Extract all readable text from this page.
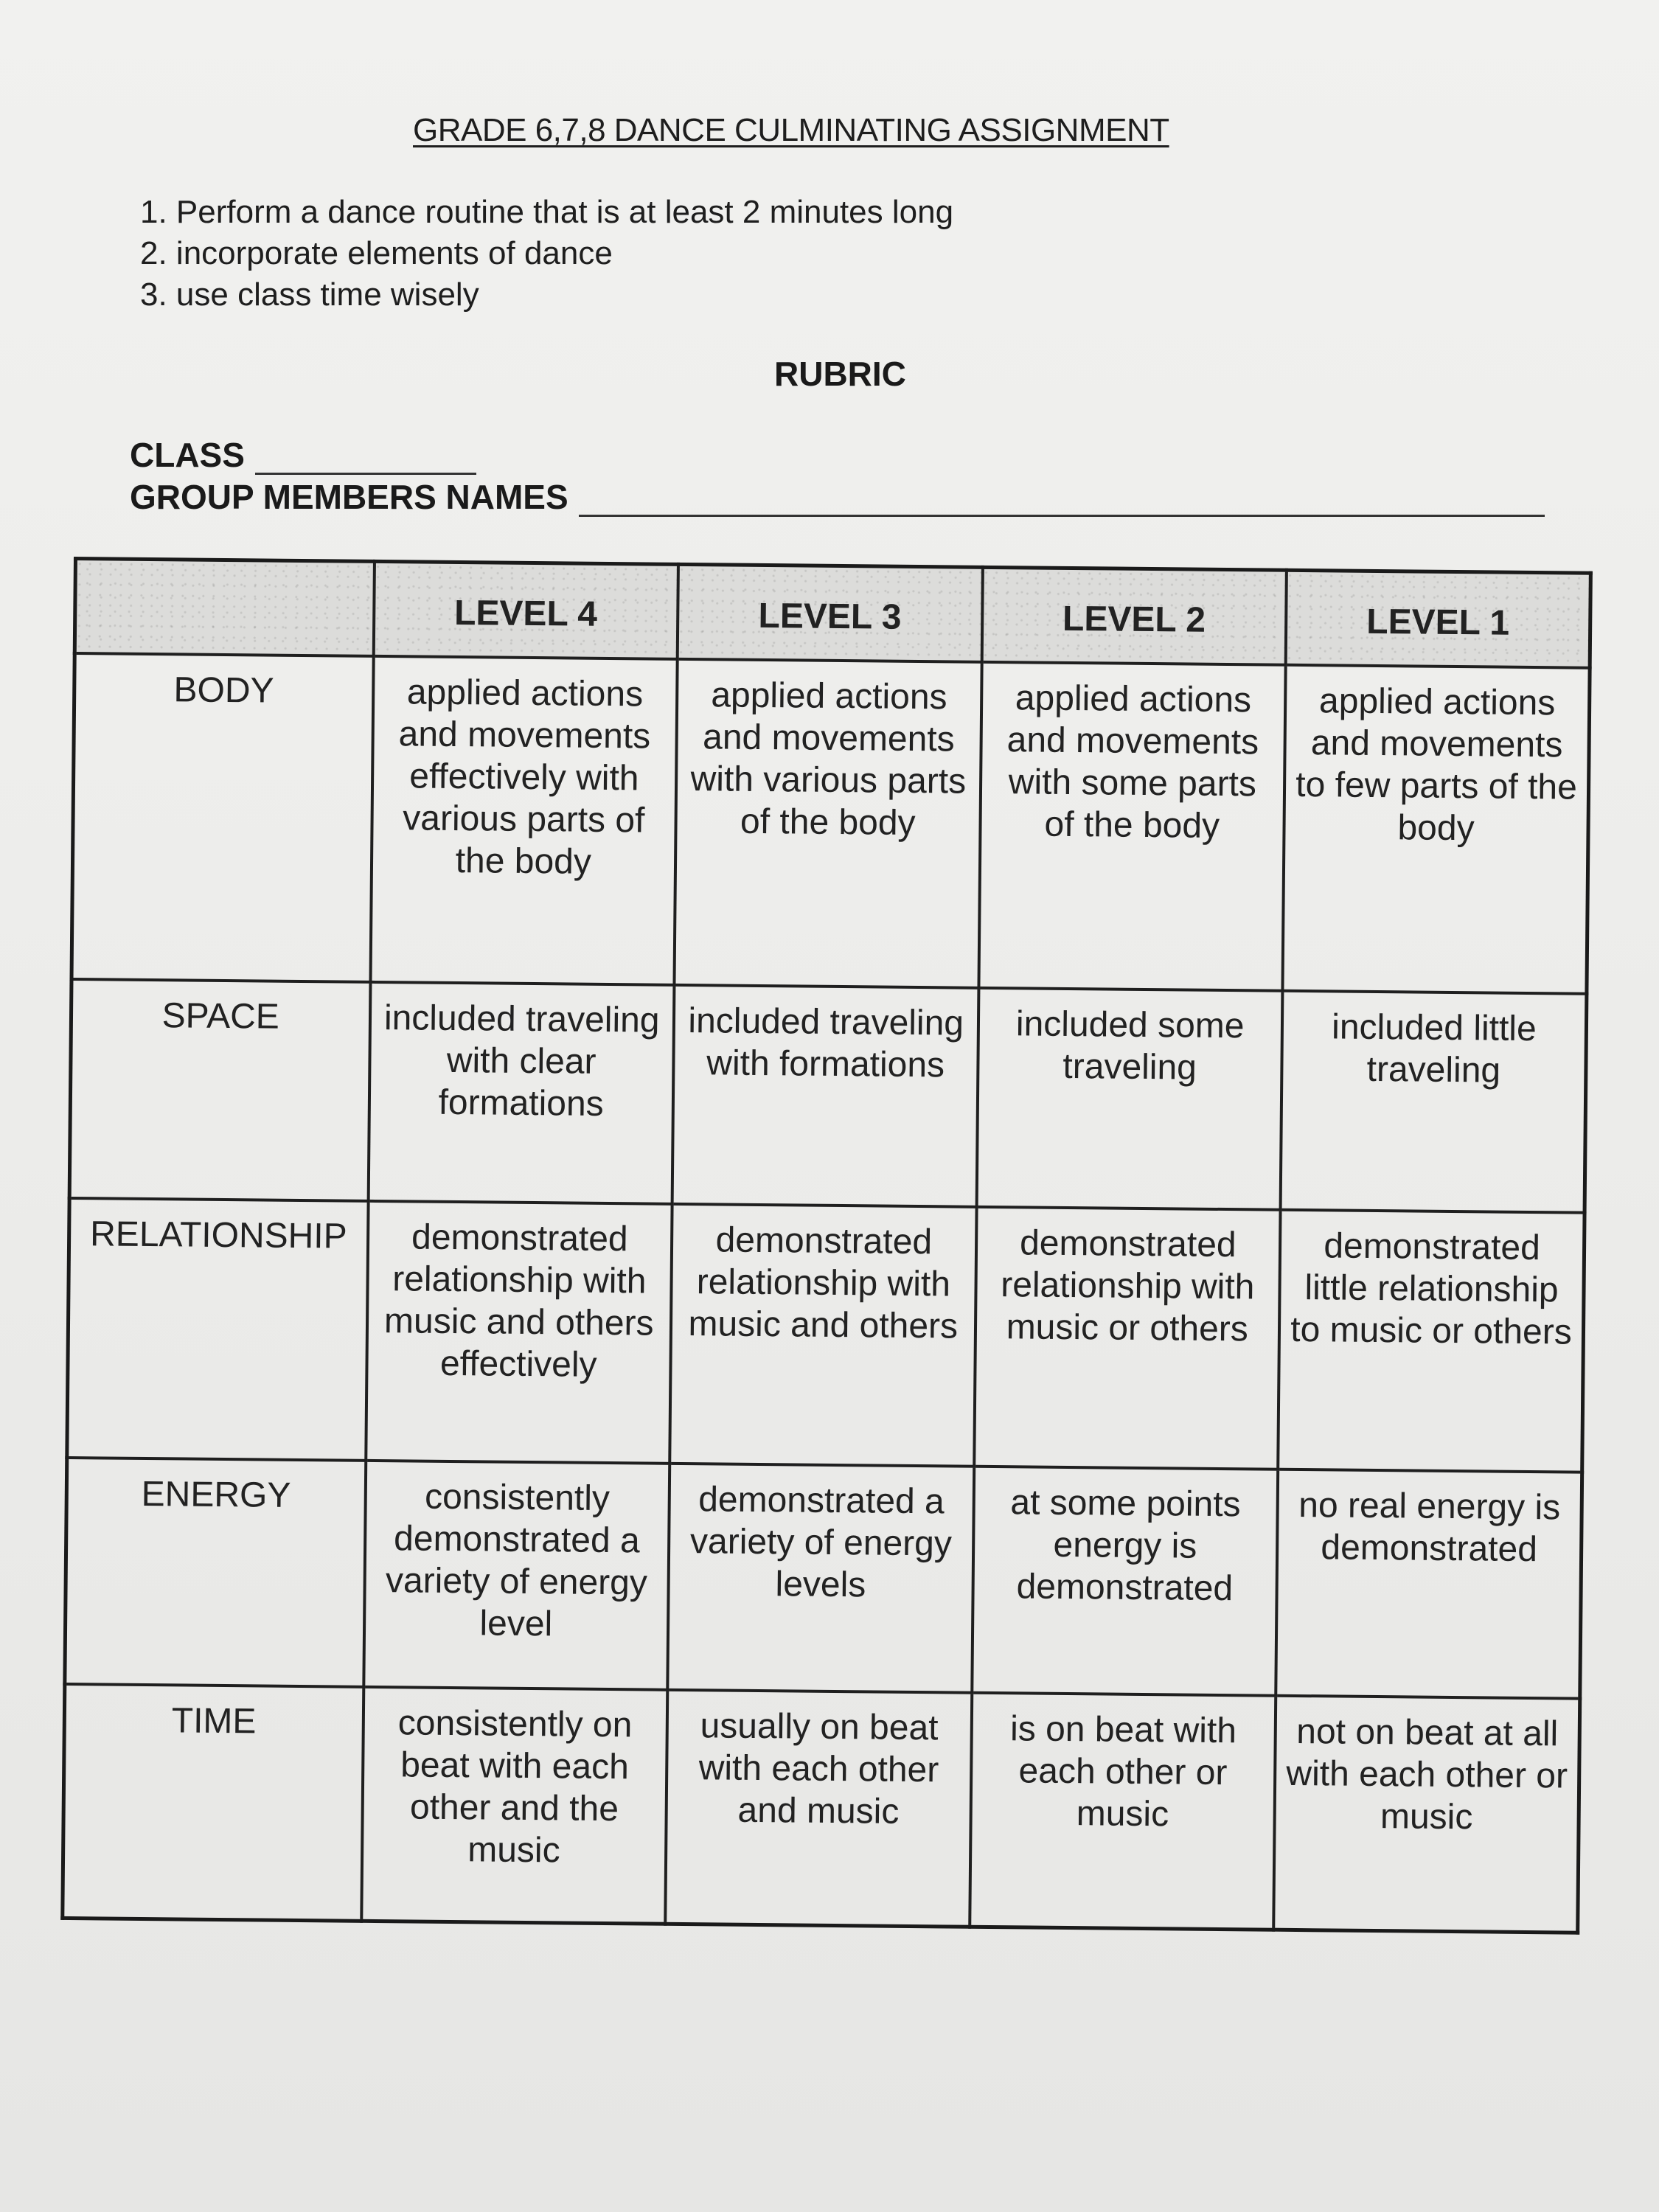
GRADE 6,7,8 DANCE CULMINATING ASSIGNMENT
1. Perform a dance routine that is at least 2 minutes long
2. incorporate elements of dance
3. use class time wisely
RUBRIC
CLASS
GROUP MEMBERS NAMES
	LEVEL 4	LEVEL 3	LEVEL 2	LEVEL 1
BODY	applied actions and movements effectively with various parts of the body	applied actions and movements with various parts of the body	applied actions and movements with some parts of the body	applied actions and movements to few parts of the body
SPACE	included traveling with clear formations	included traveling with formations	included some traveling	included little traveling
RELATIONSHIP	demonstrated relationship with music and others effectively	demonstrated relationship with music and others	demonstrated relationship with music or others	demonstrated little relationship to music or others
ENERGY	consistently demonstrated a variety of energy level	demonstrated a variety of energy levels	at some points energy is demonstrated	no real energy is demonstrated
TIME	consistently on beat with each other and the music	usually on beat with each other and music	is on beat with each other or music	not on beat at all with each other or music
